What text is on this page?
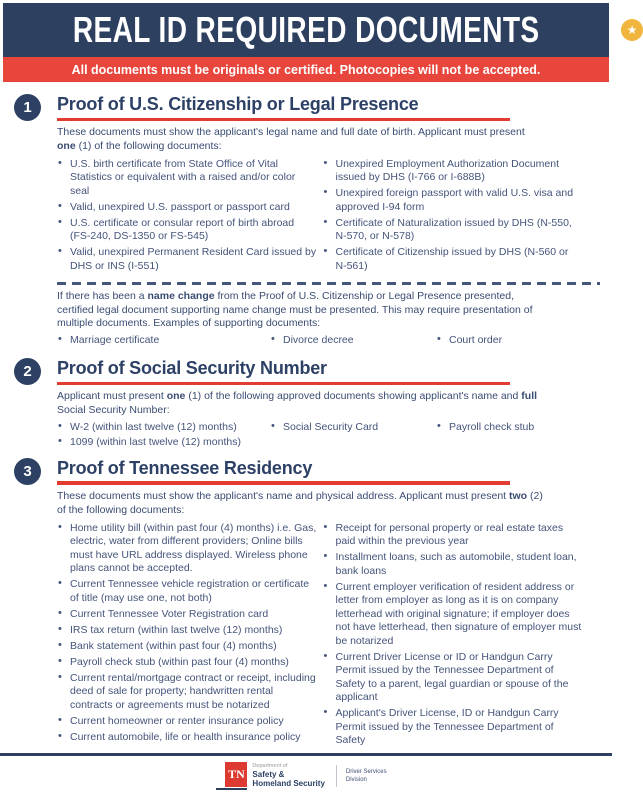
REAL ID REQUIRED DOCUMENTS	★
All documents must be originals or certified. Photocopies will not be accepted.
1	Proof of U.S. Citizenship or Legal Presence
These documents must show the applicant's legal name and full date of birth. Applicant must present one (1) of the following documents:
• U.S. birth certificate from State Office of Vital Statistics or equivalent with a raised and/or color seal
• Valid, unexpired U.S. passport or passport card
• U.S. certificate or consular report of birth abroad (FS-240, DS-1350 or FS-545)
• Valid, unexpired Permanent Resident Card issued by DHS or INS (I-551)
• Unexpired Employment Authorization Document issued by DHS (I-766 or I-688B)
• Unexpired foreign passport with valid U.S. visa and approved I-94 form
• Certificate of Naturalization issued by DHS (N-550, N-570, or N-578)
• Certificate of Citizenship issued by DHS (N-560 or N-561)
If there has been a name change from the Proof of U.S. Citizenship or Legal Presence presented, certified legal document supporting name change must be presented. This may require presentation of multiple documents. Examples of supporting documents:
• Marriage certificate	• Divorce decree	• Court order
2	Proof of Social Security Number
Applicant must present one (1) of the following approved documents showing applicant's name and full Social Security Number:
• W-2 (within last twelve (12) months)	• Social Security Card	• Payroll check stub
• 1099 (within last twelve (12) months)
3	Proof of Tennessee Residency
These documents must show the applicant's name and physical address. Applicant must present two (2) of the following documents:
• Home utility bill (within past four (4) months) i.e. Gas, electric, water from different providers; Online bills must have URL address displayed. Wireless phone plans cannot be accepted.
• Current Tennessee vehicle registration or certificate of title (may use one, not both)
• Current Tennessee Voter Registration card
• IRS tax return (within last twelve (12) months)
• Bank statement (within past four (4) months)
• Payroll check stub (within past four (4) months)
• Current rental/mortgage contract or receipt, including deed of sale for property; handwritten rental contracts or agreements must be notarized
• Current homeowner or renter insurance policy
• Current automobile, life or health insurance policy
• Receipt for personal property or real estate taxes paid within the previous year
• Installment loans, such as automobile, student loan, bank loans
• Current employer verification of resident address or letter from employer as long as it is on company letterhead with original signature; if employer does not have letterhead, then signature of employer must be notarized
• Current Driver License or ID or Handgun Carry Permit issued by the Tennessee Department of Safety to a parent, legal guardian or spouse of the applicant
• Applicant's Driver License, ID or Handgun Carry Permit issued by the Tennessee Department of Safety
TN
Department of
Safety &
Homeland Security
Driver Services
Division
